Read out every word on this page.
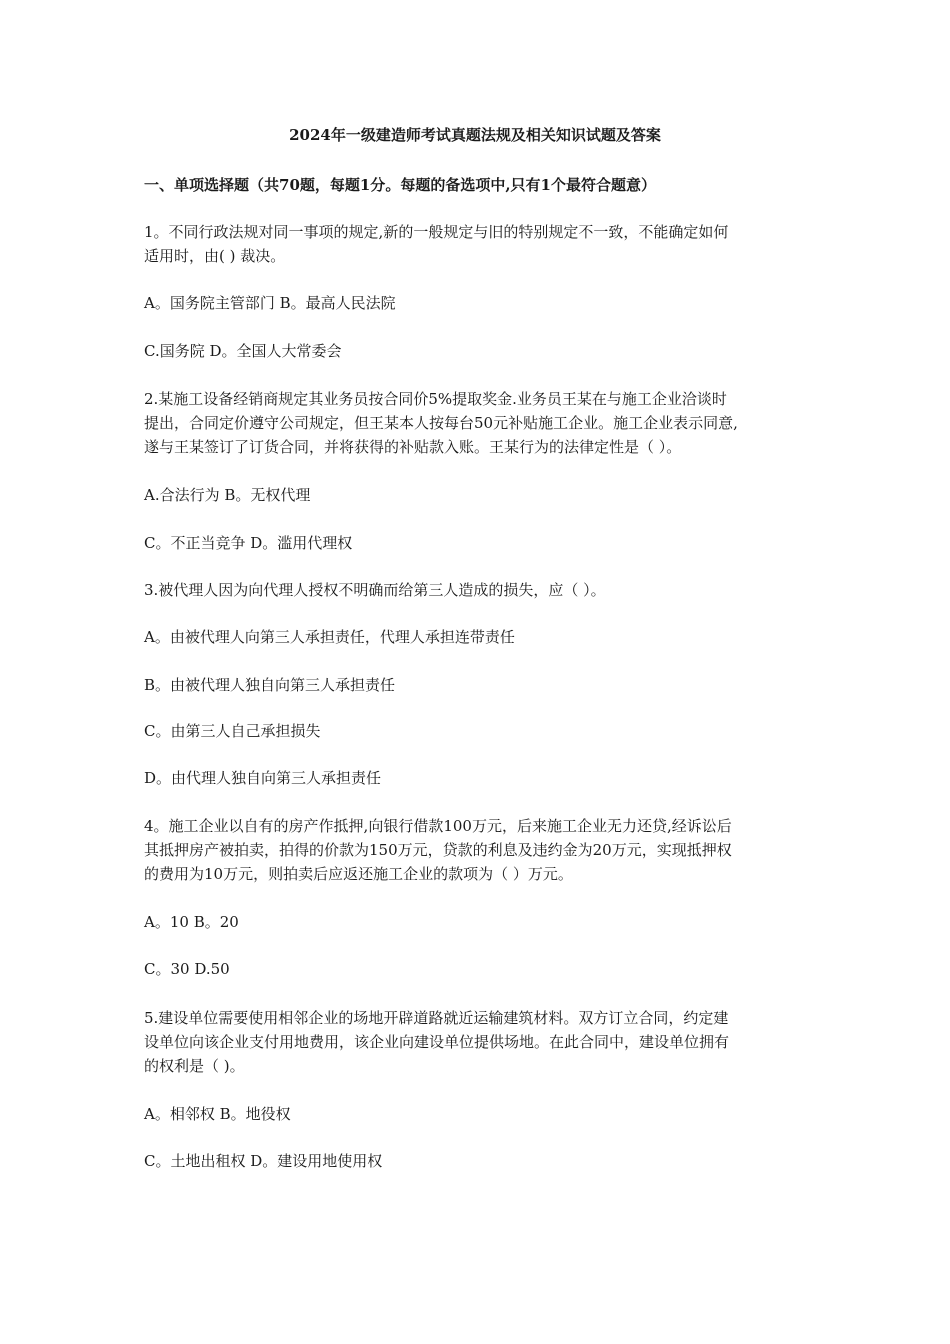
2024年一级建造师考试真题法规及相关知识试题及答案
一、单项选择题（共70题，每题1分。每题的备选项中,只有1个最符合题意）

1。不同行政法规对同一事项的规定,新的一般规定与旧的特别规定不一致，不能确定如何
适用时，由( ) 裁决。

A。国务院主管部门 B。最高人民法院

C.国务院 D。全国人大常委会

2.某施工设备经销商规定其业务员按合同价5%提取奖金.业务员王某在与施工企业洽谈时
提出，合同定价遵守公司规定，但王某本人按每台50元补贴施工企业。施工企业表示同意,
遂与王某签订了订货合同，并将获得的补贴款入账。王某行为的法律定性是（ ）。

A.合法行为 B。无权代理

C。不正当竞争 D。滥用代理权

3.被代理人因为向代理人授权不明确而给第三人造成的损失，应（ ）。

A。由被代理人向第三人承担责任，代理人承担连带责任

B。由被代理人独自向第三人承担责任

C。由第三人自己承担损失

D。由代理人独自向第三人承担责任

4。施工企业以自有的房产作抵押,向银行借款100万元，后来施工企业无力还贷,经诉讼后
其抵押房产被拍卖，拍得的价款为150万元，贷款的利息及违约金为20万元，实现抵押权
的费用为10万元，则拍卖后应返还施工企业的款项为（ ）万元。

A。10 B。20

C。30 D.50

5.建设单位需要使用相邻企业的场地开辟道路就近运输建筑材料。双方订立合同，约定建
设单位向该企业支付用地费用，该企业向建设单位提供场地。在此合同中，建设单位拥有
的权利是（ )。

A。相邻权 B。地役权

C。土地出租权 D。建设用地使用权
